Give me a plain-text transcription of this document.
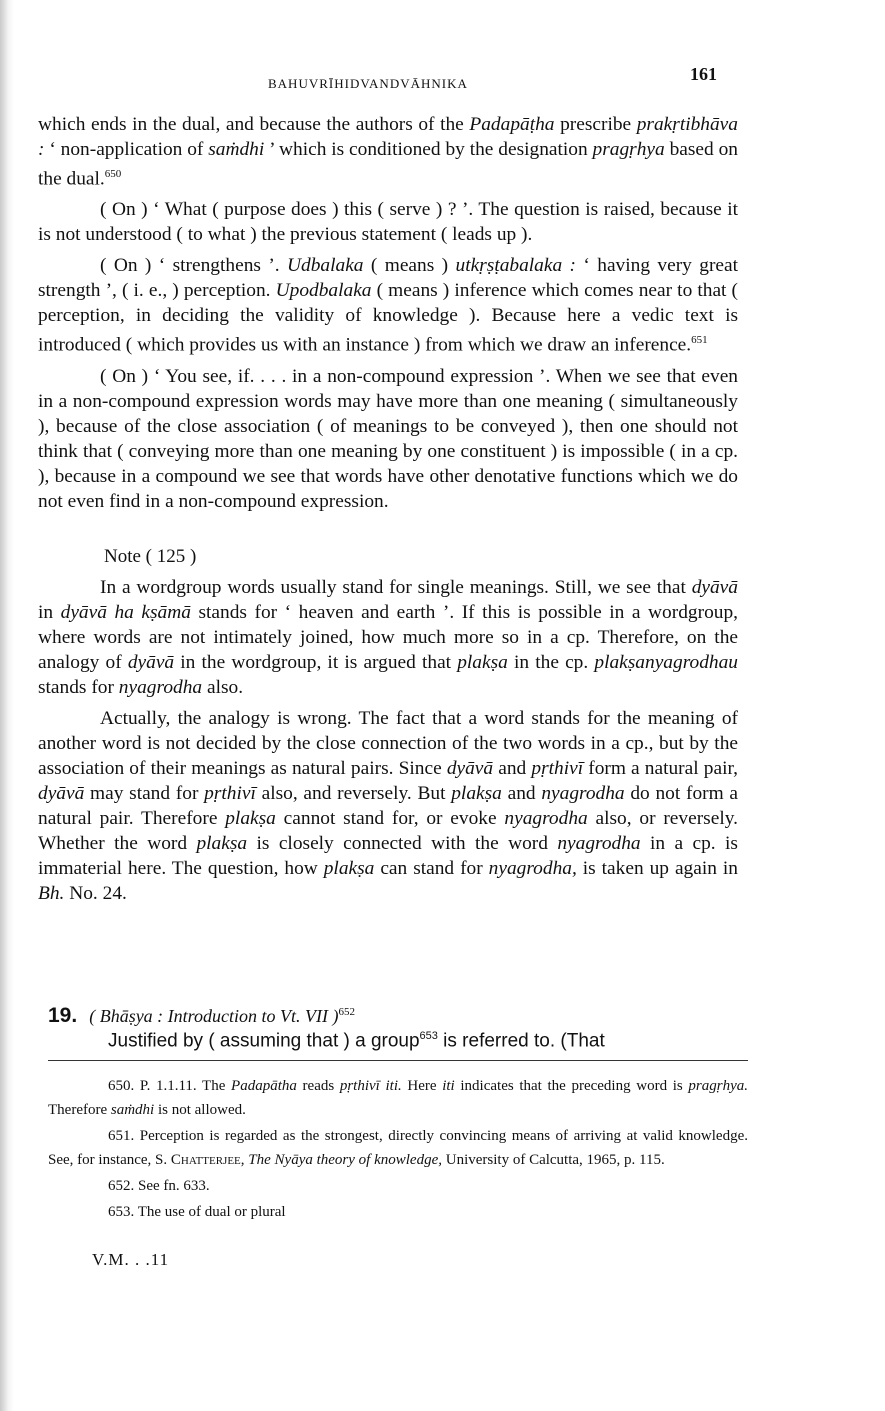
BAHUVRĪHIDVANDVĀHNIKA	161

which ends in the dual, and because the authors of the Padapāṭha prescribe prakṛtibhāva : ‘ non-application of saṁdhi ’ which is conditioned by the designation pragṛhya based on the dual.$^{650}$

( On ) ‘ What ( purpose does ) this ( serve ) ? ’. The question is raised, because it is not understood ( to what ) the previous statement ( leads up ).

( On ) ‘ strengthens ’. Udbalaka ( means ) utkṛṣṭabalaka : ‘ having very great strength ’, ( i. e., ) perception. Upodbalaka ( means ) inference which comes near to that ( perception, in deciding the validity of knowledge ). Because here a vedic text is introduced ( which provides us with an instance ) from which we draw an inference.$^{651}$

( On ) ‘ You see, if. . . . in a non-compound expression ’. When we see that even in a non-compound expression words may have more than one meaning ( simultaneously ), because of the close association ( of meanings to be conveyed ), then one should not think that ( conveying more than one meaning by one constituent ) is impossible ( in a cp. ), because in a compound we see that words have other denotative functions which we do not even find in a non-compound expression.

Note ( 125 )

In a wordgroup words usually stand for single meanings. Still, we see that dyāvā in dyāvā ha kṣāmā stands for ‘ heaven and earth ’. If this is possible in a wordgroup, where words are not intimately joined, how much more so in a cp. Therefore, on the analogy of dyāvā in the wordgroup, it is argued that plakṣa in the cp. plakṣanyagrodhau stands for nyagrodha also.

Actually, the analogy is wrong. The fact that a word stands for the meaning of another word is not decided by the close connection of the two words in a cp., but by the association of their meanings as natural pairs. Since dyāvā and pṛthivī form a natural pair, dyāvā may stand for pṛthivī also, and reversely. But plakṣa and nyagrodha do not form a natural pair. Therefore plakṣa cannot stand for, or evoke nyagrodha also, or reversely. Whether the word plakṣa is closely connected with the word nyagrodha in a cp. is immaterial here. The question, how plakṣa can stand for nyagrodha, is taken up again in Bh. No. 24.

19. ( Bhāṣya : Introduction to Vt. VII )$^{652}$
Justified by ( assuming that ) a group$^{653}$ is referred to. (That

650. P. 1.1.11. The Padapātha reads pṛthivī iti. Here iti indicates that the preceding word is pragṛhya. Therefore saṁdhi is not allowed.

651. Perception is regarded as the strongest, directly convincing means of arriving at valid knowledge. See, for instance, S. Chatterjee, The Nyāya theory of knowledge, University of Calcutta, 1965, p. 115.

652. See fn. 633.

653. The use of dual or plural

V.M. . .11
